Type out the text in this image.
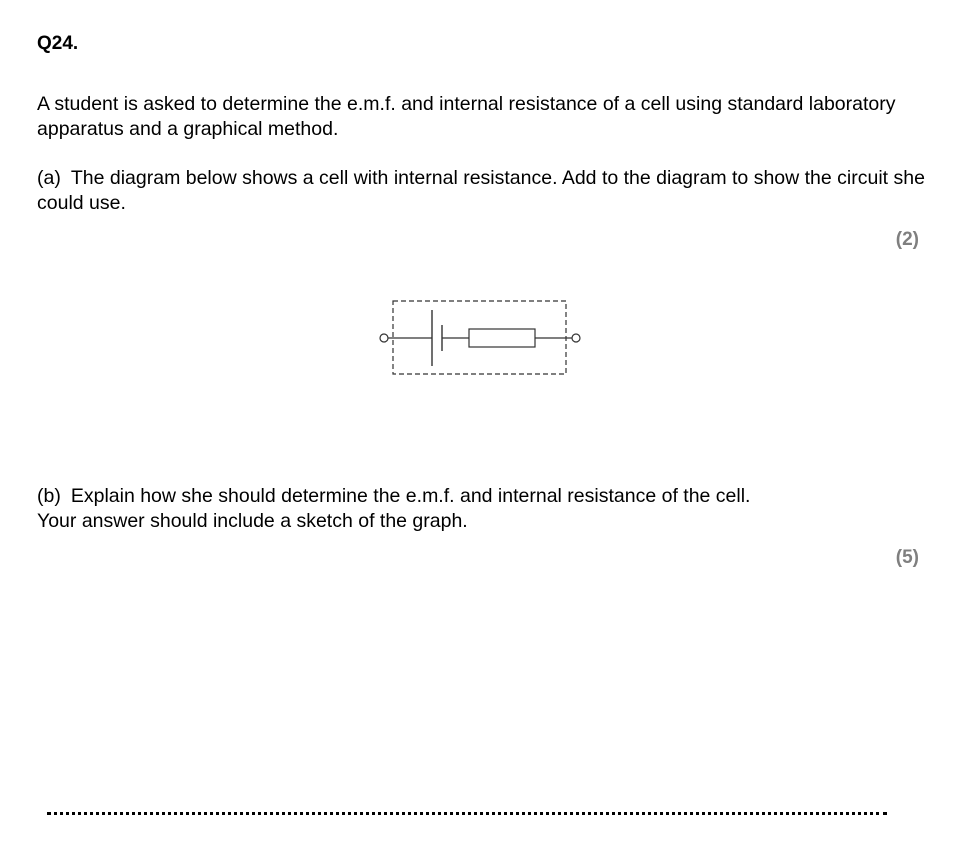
Q24.

A student is asked to determine the e.m.f. and internal resistance of a cell using standard laboratory apparatus and a graphical method.

(a) The diagram below shows a cell with internal resistance. Add to the diagram to show the circuit she could use.

(2)

(b) Explain how she should determine the e.m.f. and internal resistance of the cell.
Your answer should include a sketch of the graph.

(5)
